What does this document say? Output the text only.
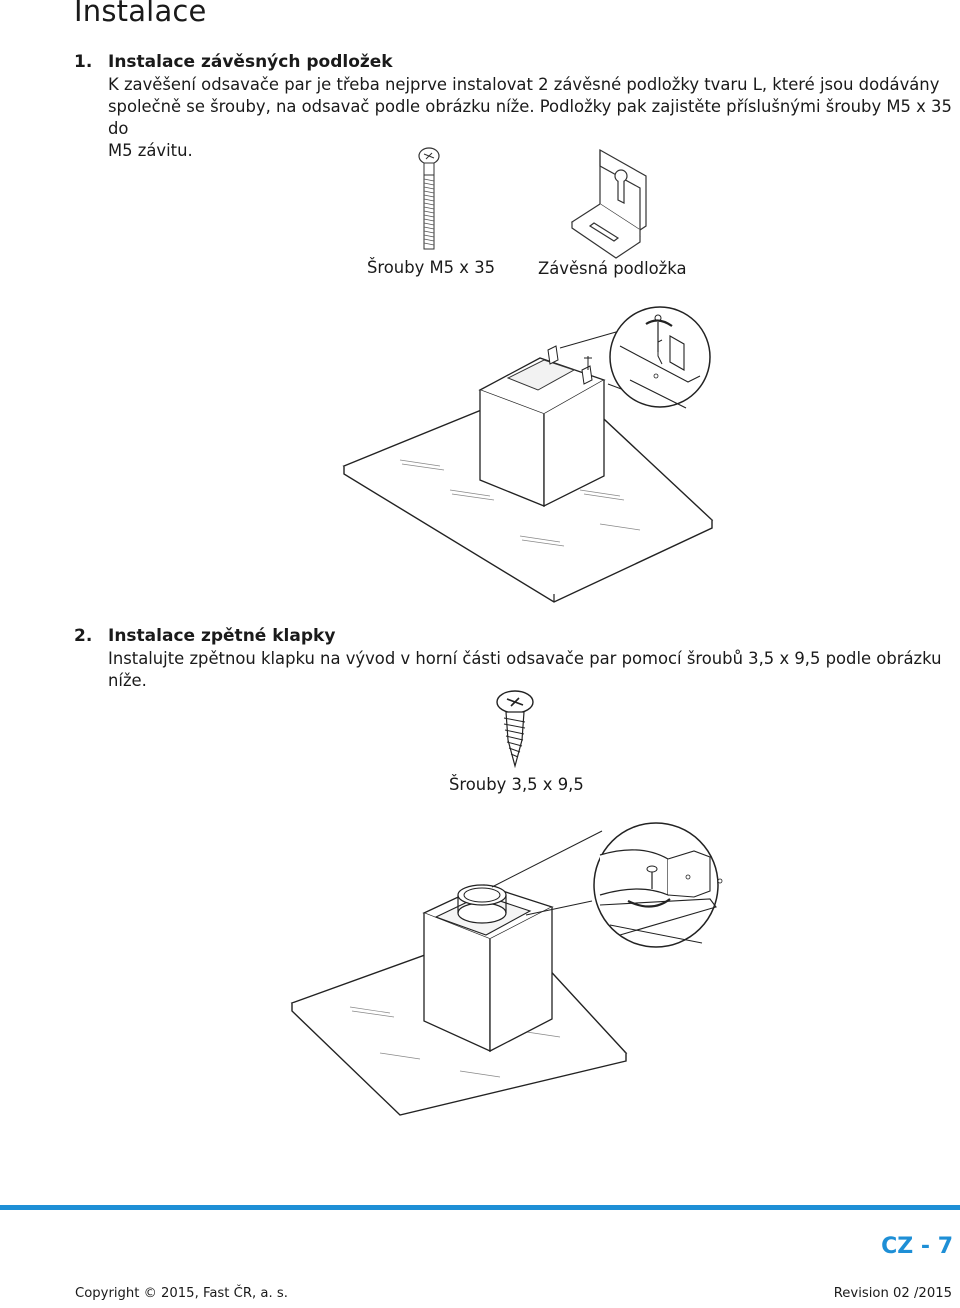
Instalace
1. Instalace závěsných podložek
K zavěšení odsavače par je třeba nejprve instalovat 2 závěsné podložky tvaru L, které jsou dodávány
společně se šrouby, na odsavač podle obrázku níže. Podložky pak zajistěte příslušnými šrouby M5 x 35 do
M5 závitu.
Šrouby M5 x 35	Závěsná podložka
2. Instalace zpětné klapky
Instalujte zpětnou klapku na vývod v horní části odsavače par pomocí šroubů 3,5 x 9,5 podle obrázku níže.
Šrouby 3,5 x 9,5
CZ - 7
Copyright © 2015, Fast ČR, a. s.	Revision 02 /2015
